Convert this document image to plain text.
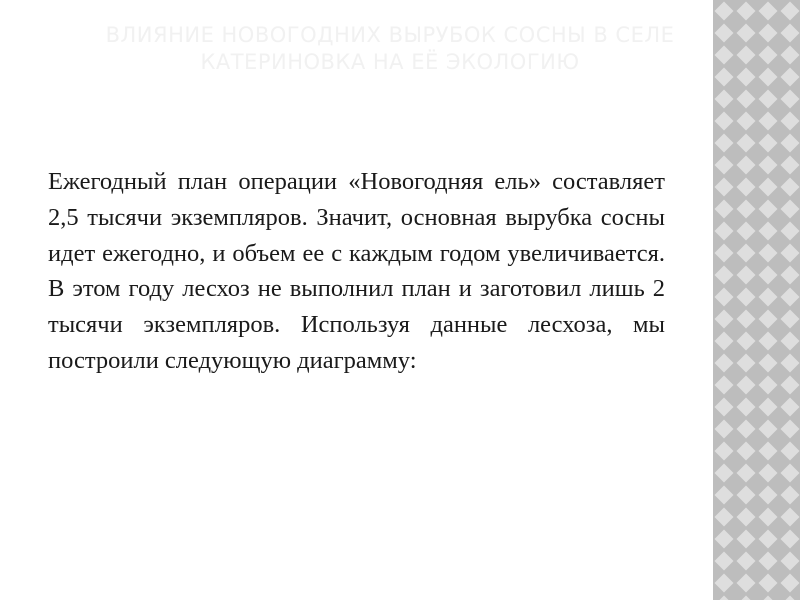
ВЛИЯНИЕ НОВОГОДНИХ ВЫРУБОК СОСНЫ В СЕЛЕ КАТЕРИНОВКА НА ЕЁ ЭКОЛОГИЮ

Ежегодный план операции «Новогодняя ель» составляет 2,5 тысячи экземпляров. Значит, основная вырубка сосны идет ежегодно, и объем ее с каждым годом увеличивается. В этом году лесхоз не выполнил план и заготовил лишь 2 тысячи экземпляров. Используя данные лесхоза, мы построили следующую диаграмму:
